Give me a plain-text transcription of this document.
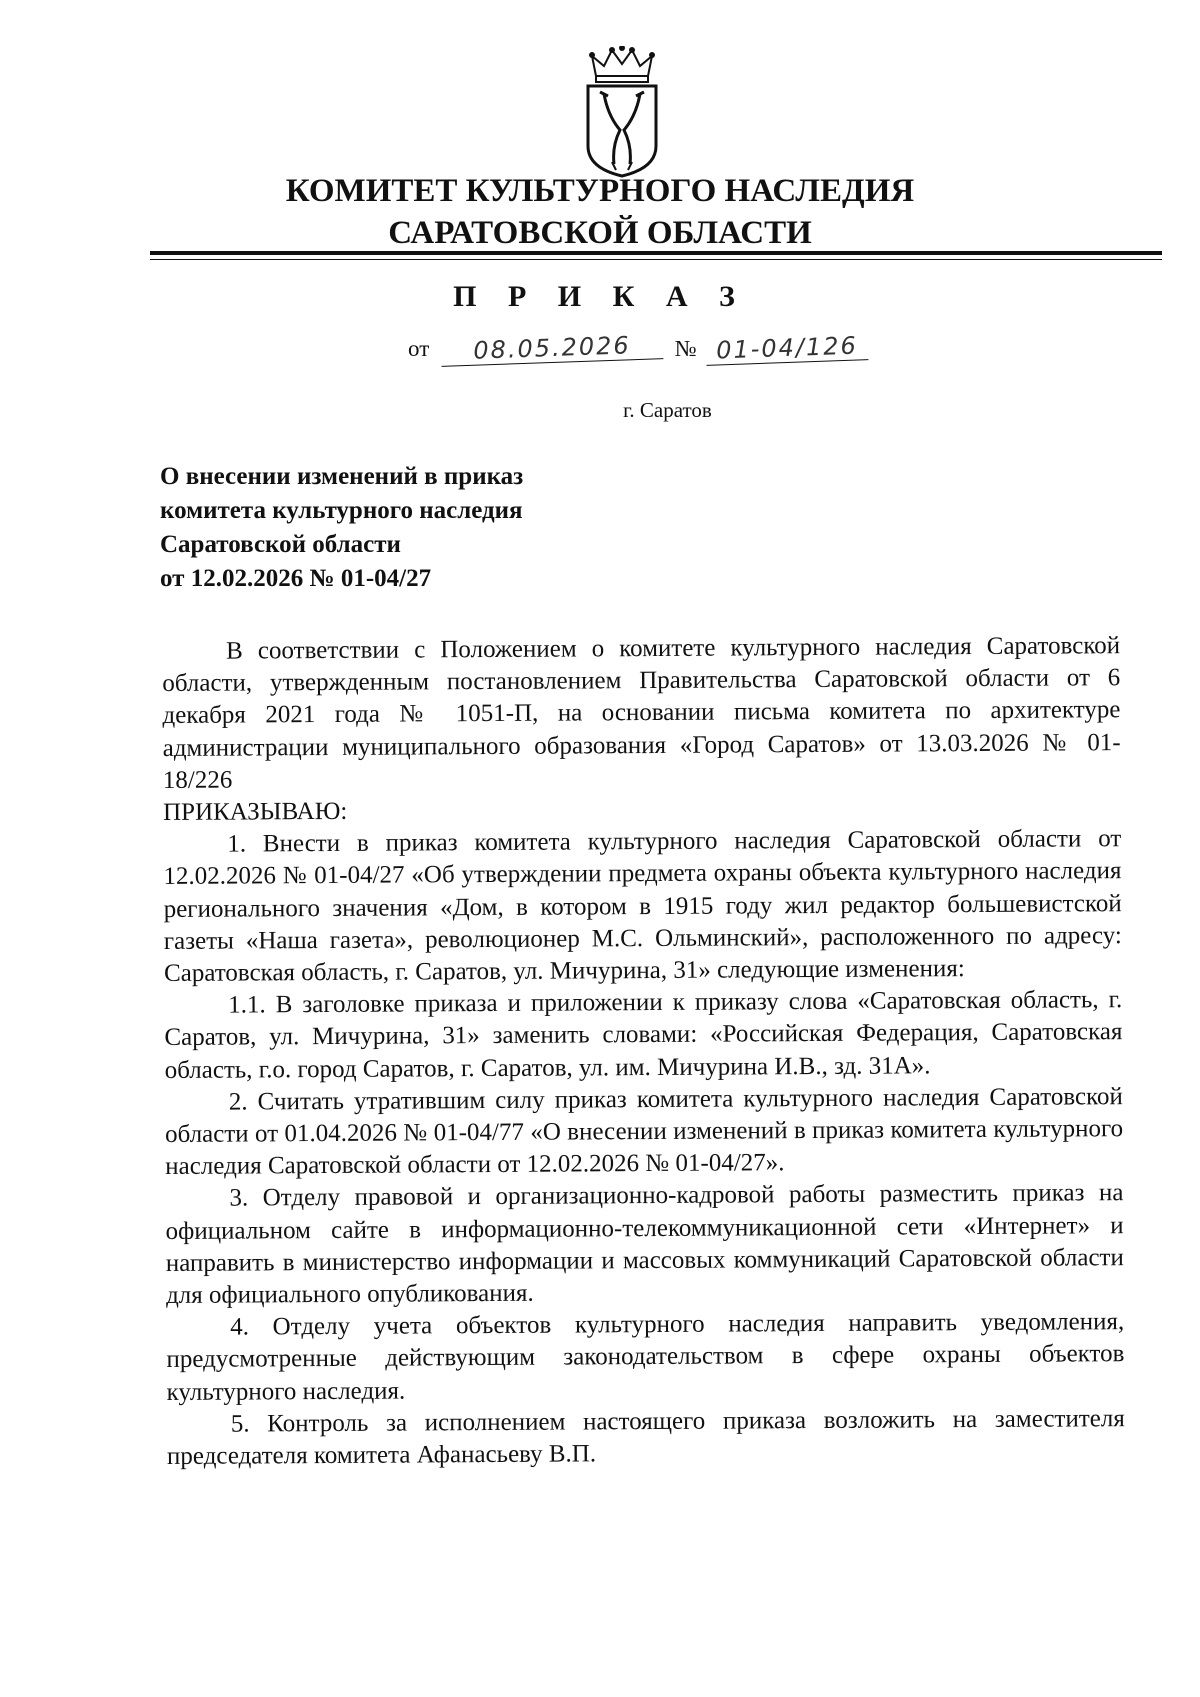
КОМИТЕТ КУЛЬТУРНОГО НАСЛЕДИЯ
САРАТОВСКОЙ ОБЛАСТИ
П Р И К А З
от 08.05.2026 № 01-04/126
г. Саратов
О внесении изменений в приказ
комитета культурного наследия
Саратовской области
от 12.02.2026 № 01-04/27

В соответствии с Положением о комитете культурного наследия Саратовской области, утвержденным постановлением Правительства Саратовской области от 6 декабря 2021 года № 1051-П, на основании письма комитета по архитектуре администрации муниципального образования «Город Саратов» от 13.03.2026 № 01-18/226

ПРИКАЗЫВАЮ:

1. Внести в приказ комитета культурного наследия Саратовской области от 12.02.2026 № 01-04/27 «Об утверждении предмета охраны объекта культурного наследия регионального значения «Дом, в котором в 1915 году жил редактор большевистской газеты «Наша газета», революционер М.С. Ольминский», расположенного по адресу: Саратовская область, г. Саратов, ул. Мичурина, 31» следующие изменения:

1.1. В заголовке приказа и приложении к приказу слова «Саратовская область, г. Саратов, ул. Мичурина, 31» заменить словами: «Российская Федерация, Саратовская область, г.о. город Саратов, г. Саратов, ул. им. Мичурина И.В., зд. 31А».

2. Считать утратившим силу приказ комитета культурного наследия Саратовской области от 01.04.2026 № 01-04/77 «О внесении изменений в приказ комитета культурного наследия Саратовской области от 12.02.2026 № 01-04/27».

3. Отделу правовой и организационно-кадровой работы разместить приказ на официальном сайте в информационно-телекоммуникационной сети «Интернет» и направить в министерство информации и массовых коммуникаций Саратовской области для официального опубликования.

4. Отделу учета объектов культурного наследия направить уведомления, предусмотренные действующим законодательством в сфере охраны объектов культурного наследия.

5. Контроль за исполнением настоящего приказа возложить на заместителя председателя комитета Афанасьеву В.П.
